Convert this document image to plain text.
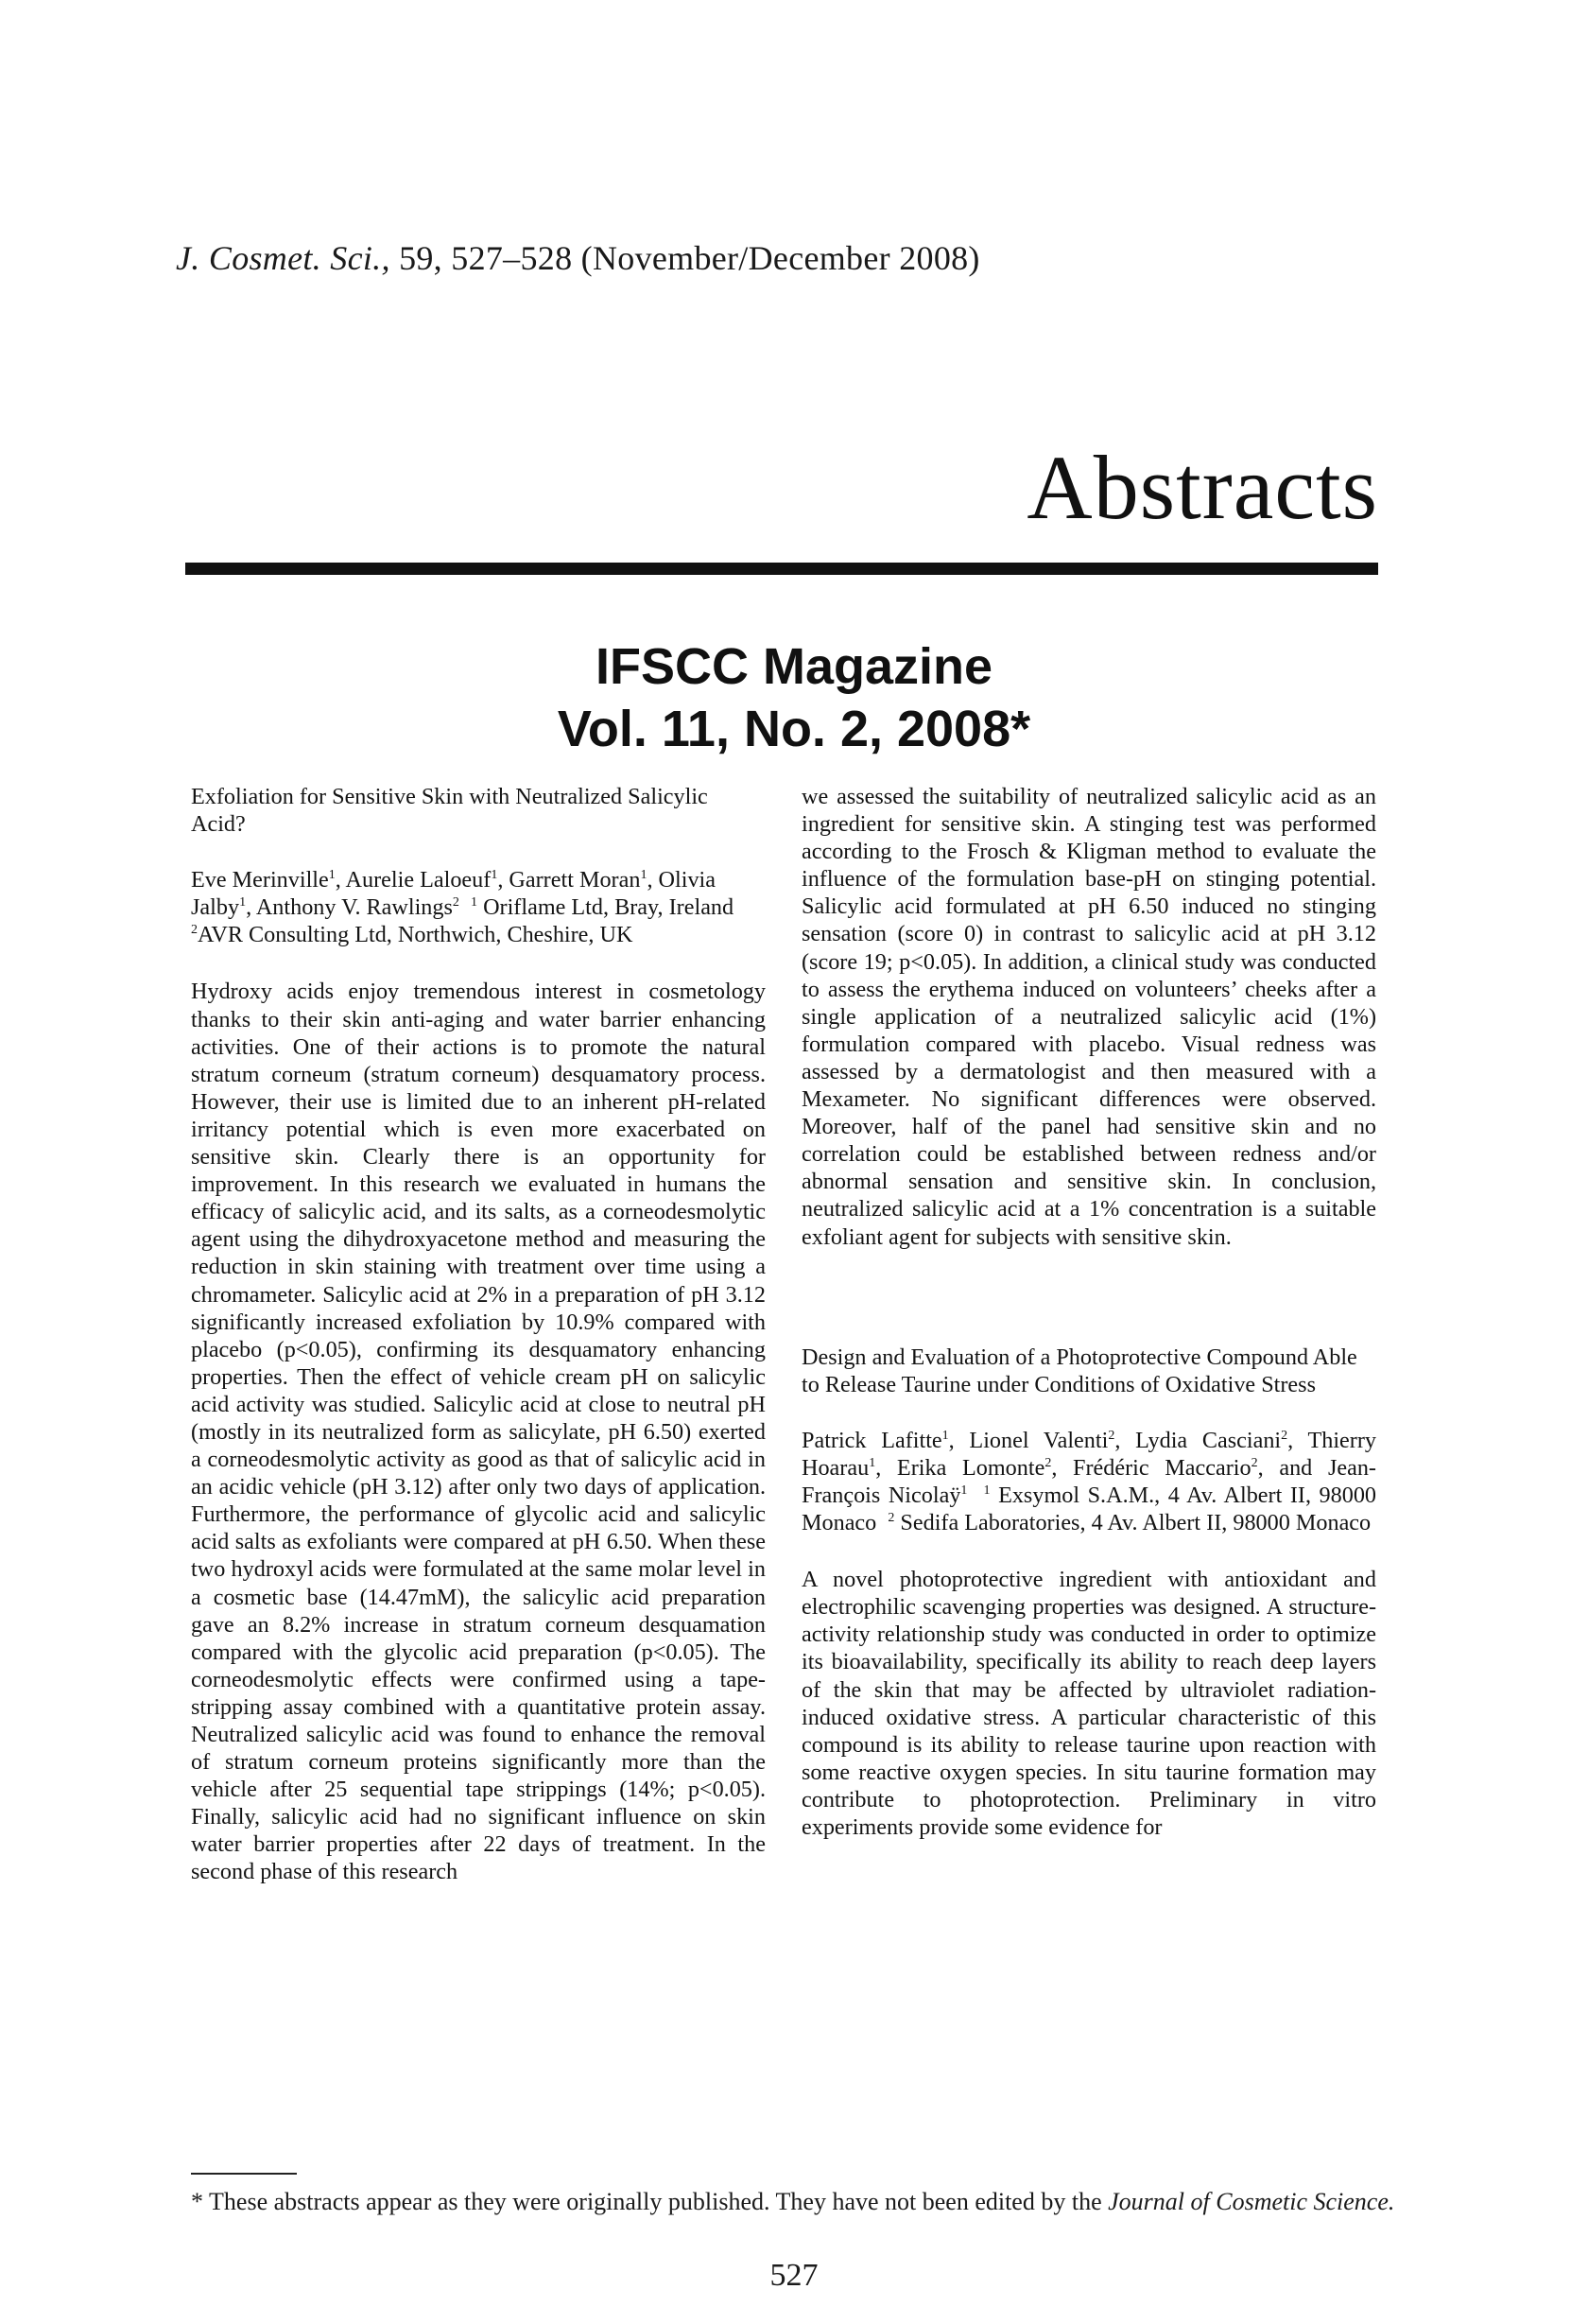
J. Cosmet. Sci., 59, 527–528 (November/December 2008)
Abstracts
IFSCC Magazine
Vol. 11, No. 2, 2008*

Exfoliation for Sensitive Skin with Neutralized Salicylic Acid?

Eve Merinville$^1$, Aurelie Laloeuf$^1$, Garrett Moran$^1$, Olivia Jalby$^1$, Anthony V. Rawlings$^2$ $^1$ Oriflame Ltd, Bray, Ireland $^2$AVR Consulting Ltd, Northwich, Cheshire, UK

Hydroxy acids enjoy tremendous interest in cosmetology thanks to their skin anti-aging and water barrier enhancing activities. One of their actions is to promote the natural stratum corneum (stratum corneum) desquamatory process. However, their use is limited due to an inherent pH-related irritancy potential which is even more exacerbated on sensitive skin. Clearly there is an opportunity for improvement. In this research we evaluated in humans the efficacy of salicylic acid, and its salts, as a corneodesmolytic agent using the dihydroxyacetone method and measuring the reduction in skin staining with treatment over time using a chromameter. Salicylic acid at 2% in a preparation of pH 3.12 significantly increased exfoliation by 10.9% compared with placebo (p<0.05), confirming its desquamatory enhancing properties. Then the effect of vehicle cream pH on salicylic acid activity was studied. Salicylic acid at close to neutral pH (mostly in its neutralized form as salicylate, pH 6.50) exerted a corneodesmolytic activity as good as that of salicylic acid in an acidic vehicle (pH 3.12) after only two days of application. Furthermore, the performance of glycolic acid and salicylic acid salts as exfoliants were compared at pH 6.50. When these two hydroxyl acids were formulated at the same molar level in a cosmetic base (14.47mM), the salicylic acid preparation gave an 8.2% increase in stratum corneum desquamation compared with the glycolic acid preparation (p<0.05). The corneodesmolytic effects were confirmed using a tape-stripping assay combined with a quantitative protein assay. Neutralized salicylic acid was found to enhance the removal of stratum corneum proteins significantly more than the vehicle after 25 sequential tape strippings (14%; p<0.05). Finally, salicylic acid had no significant influence on skin water barrier properties after 22 days of treatment. In the second phase of this research

we assessed the suitability of neutralized salicylic acid as an ingredient for sensitive skin. A stinging test was performed according to the Frosch & Kligman method to evaluate the influence of the formulation base-pH on stinging potential. Salicylic acid formulated at pH 6.50 induced no stinging sensation (score 0) in contrast to salicylic acid at pH 3.12 (score 19; p<0.05). In addition, a clinical study was conducted to assess the erythema induced on volunteers’ cheeks after a single application of a neutralized salicylic acid (1%) formulation compared with placebo. Visual redness was assessed by a dermatologist and then measured with a Mexameter. No significant differences were observed. Moreover, half of the panel had sensitive skin and no correlation could be established between redness and/or abnormal sensation and sensitive skin. In conclusion, neutralized salicylic acid at a 1% concentration is a suitable exfoliant agent for subjects with sensitive skin.

Design and Evaluation of a Photoprotective Compound Able to Release Taurine under Conditions of Oxidative Stress

Patrick Lafitte$^1$, Lionel Valenti$^2$, Lydia Casciani$^2$, Thierry Hoarau$^1$, Erika Lomonte$^2$, Frédéric Maccario$^2$, and Jean-François Nicolaÿ$^1$ $^1$ Exsymol S.A.M., 4 Av. Albert II, 98000 Monaco $^2$ Sedifa Laboratories, 4 Av. Albert II, 98000 Monaco

A novel photoprotective ingredient with antioxidant and electrophilic scavenging properties was designed. A structure-activity relationship study was conducted in order to optimize its bioavailability, specifically its ability to reach deep layers of the skin that may be affected by ultraviolet radiation-induced oxidative stress. A particular characteristic of this compound is its ability to release taurine upon reaction with some reactive oxygen species. In situ taurine formation may contribute to photoprotection. Preliminary in vitro experiments provide some evidence for

* These abstracts appear as they were originally published. They have not been edited by the Journal of Cosmetic Science.
527
